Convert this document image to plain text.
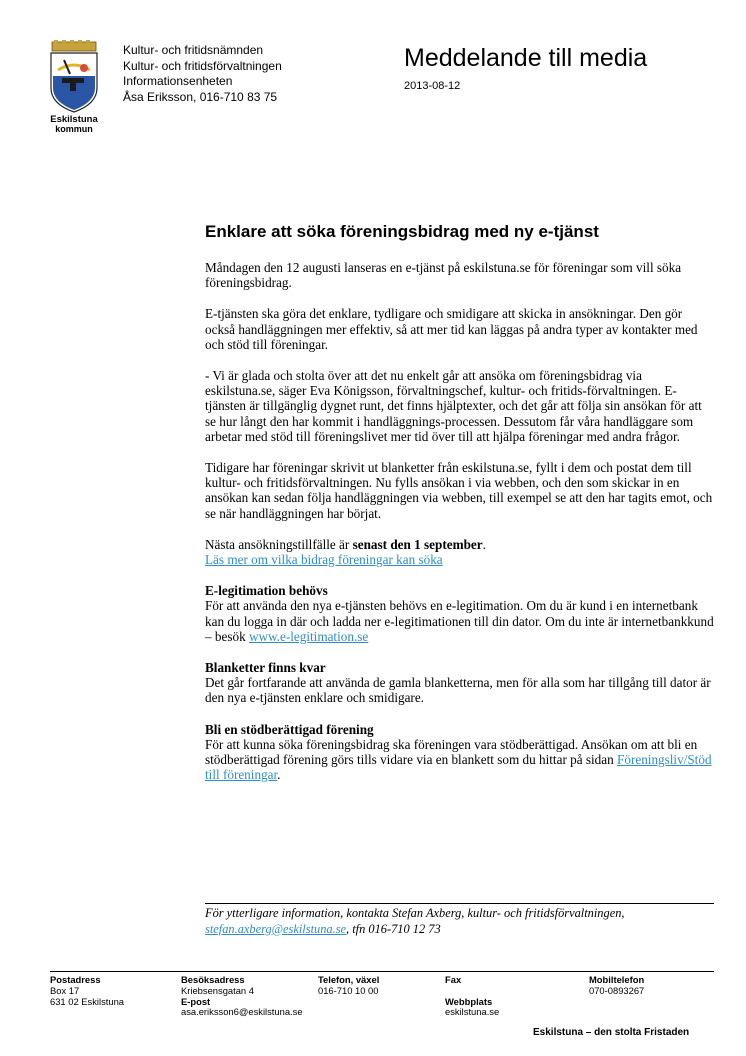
Eskilstuna
kommun
Kultur- och fritidsnämnden
Kultur- och fritidsförvaltningen
Informationsenheten
Åsa Eriksson, 016-710 83 75
Meddelande till media
2013-08-12
Enklare att söka föreningsbidrag med ny e-tjänst

Måndagen den 12 augusti lanseras en e-tjänst på eskilstuna.se för föreningar som vill söka föreningsbidrag.

E-tjänsten ska göra det enklare, tydligare och smidigare att skicka in ansökningar. Den gör också handläggningen mer effektiv, så att mer tid kan läggas på andra typer av kontakter med och stöd till föreningar.

- Vi är glada och stolta över att det nu enkelt går att ansöka om föreningsbidrag via eskilstuna.se, säger Eva Königsson, förvaltningschef, kultur- och fritids-förvaltningen. E-tjänsten är tillgänglig dygnet runt, det finns hjälptexter, och det går att följa sin ansökan för att se hur långt den har kommit i handläggnings-processen. Dessutom får våra handläggare som arbetar med stöd till föreningslivet mer tid över till att hjälpa föreningar med andra frågor.

Tidigare har föreningar skrivit ut blanketter från eskilstuna.se, fyllt i dem och postat dem till kultur- och fritidsförvaltningen. Nu fylls ansökan i via webben, och den som skickar in en ansökan kan sedan följa handläggningen via webben, till exempel se att den har tagits emot, och se när handläggningen har börjat.

Nästa ansökningstillfälle är senast den 1 september.
Läs mer om vilka bidrag föreningar kan söka

E-legitimation behövs
För att använda den nya e-tjänsten behövs en e-legitimation. Om du är kund i en internetbank kan du logga in där och ladda ner e-legitimationen till din dator. Om du inte är internetbankkund – besök www.e-legitimation.se

Blanketter finns kvar
Det går fortfarande att använda de gamla blanketterna, men för alla som har tillgång till dator är den nya e-tjänsten enklare och smidigare.

Bli en stödberättigad förening
För att kunna söka föreningsbidrag ska föreningen vara stödberättigad. Ansökan om att bli en stödberättigad förening görs tills vidare via en blankett som du hittar på sidan Föreningsliv/Stöd till föreningar.

För ytterligare information, kontakta Stefan Axberg, kultur- och fritidsförvaltningen,
stefan.axberg@eskilstuna.se, tfn 016-710 12 73
Postadress
Box 17
631 02 Eskilstuna
Besöksadress
Kriebsensgatan 4
E-post
asa.eriksson6@eskilstuna.se
Telefon, växel
016-710 10 00
Fax

Webbplats
eskilstuna.se
Mobiltelefon
070-0893267
Eskilstuna – den stolta Fristaden
